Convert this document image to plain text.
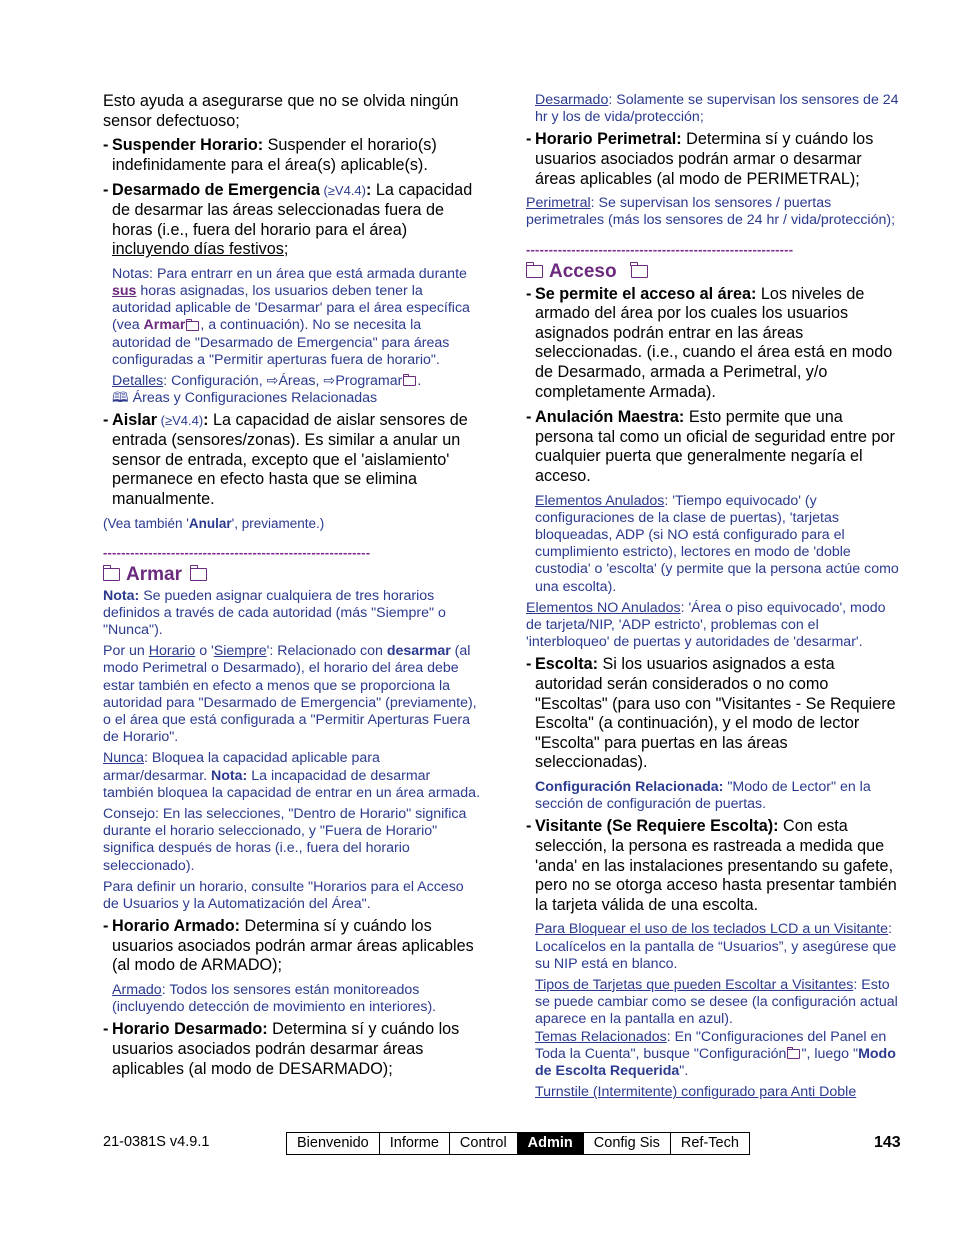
Esto ayuda a asegurarse que no se olvida ningún sensor defectuoso;

- Suspender Horario: Suspender el horario(s) indefinidamente para el área(s) aplicable(s).
- Desarmado de Emergencia (≥V4.4): La capacidad de desarmar las áreas seleccionadas fuera de horas (i.e., fuera del horario para el área) incluyendo días festivos;

Notas: Para entrarr en un área que está armada durante sus horas asignadas, los usuarios deben tener la autoridad aplicable de 'Desarmar' para el área específica (vea Armar , a continuación). No se necesita la autoridad de "Desarmado de Emergencia" para áreas configuradas a "Permitir aperturas fuera de horario".

Detalles: Configuración, ⇨Áreas, ⇨Programar .

🕮 Áreas y Configuraciones Relacionadas

- Aislar (≥V4.4): La capacidad de aislar sensores de entrada (sensores/zonas). Es similar a anular un sensor de entrada, excepto que el 'aislamiento' permanece en efecto hasta que se elimina manualmente.

(Vea también 'Anular', previamente.)

-----------------------------------------------------------
Armar

Nota: Se pueden asignar cualquiera de tres horarios definidos a través de cada autoridad (más "Siempre" o "Nunca").

Por un Horario o 'Siempre': Relacionado con desarmar (al modo Perimetral o Desarmado), el horario del área debe estar también en efecto a menos que se proporciona la autoridad para "Desarmado de Emergencia" (previamente), o el área que está configurada a "Permitir Aperturas Fuera de Horario".

Nunca: Bloquea la capacidad aplicable para armar/desarmar. Nota: La incapacidad de desarmar también bloquea la capacidad de entrar en un área armada.

Consejo: En las selecciones, "Dentro de Horario" significa durante el horario seleccionado, y "Fuera de Horario" significa después de horas (i.e., fuera del horario seleccionado).

Para definir un horario, consulte "Horarios para el Acceso de Usuarios y la Automatización del Área".

- Horario Armado: Determina sí y cuándo los usuarios asociados podrán armar áreas aplicables (al modo de ARMADO);

Armado: Todos los sensores están monitoreados (incluyendo detección de movimiento en interiores).

- Horario Desarmado: Determina sí y cuándo los usuarios asociados podrán desarmar áreas aplicables (al modo de DESARMADO);

Desarmado: Solamente se supervisan los sensores de 24 hr y los de vida/protección;

- Horario Perimetral: Determina sí y cuándo los usuarios asociados podrán armar o desarmar áreas aplicables (al modo de PERIMETRAL);

Perimetral: Se supervisan los sensores / puertas perimetrales (más los sensores de 24 hr / vida/protección);

-----------------------------------------------------------
Acceso
- Se permite el acceso al área: Los niveles de armado del área por los cuales los usuarios asignados podrán entrar en las áreas seleccionadas. (i.e., cuando el área está en modo de Desarmado, armada a Perimetral, y/o completamente Armada).
- Anulación Maestra: Esto permite que una persona tal como un oficial de seguridad entre por cualquier puerta que generalmente negaría el acceso.

Elementos Anulados: 'Tiempo equivocado' (y configuraciones de la clase de puertas), 'tarjetas bloqueadas, ADP (si NO está configurado para el cumplimiento estricto), lectores en modo de 'doble custodia' o 'escolta' (y permite que la persona actúe como una escolta).

Elementos NO Anulados: 'Área o piso equivocado', modo de tarjeta/NIP, 'ADP estricto', problemas con el 'interbloqueo' de puertas y autoridades de 'desarmar'.

- Escolta: Si los usuarios asignados a esta autoridad serán considerados o no como "Escoltas" (para uso con "Visitantes - Se Requiere Escolta" (a continuación), y el modo de lector "Escolta" para puertas en las áreas seleccionadas).

Configuración Relacionada: "Modo de Lector" en la sección de configuración de puertas.

- Visitante (Se Requiere Escolta): Con esta selección, la persona es rastreada a medida que 'anda' en las instalaciones presentando su gafete, pero no se otorga acceso hasta presentar también la tarjeta válida de una escolta.

Para Bloquear el uso de los teclados LCD a un Visitante: Localícelos en la pantalla de “Usuarios”, y asegúrese que su NIP está en blanco.

Tipos de Tarjetas que pueden Escoltar a Visitantes: Esto se puede cambiar como se desee (la configuración actual aparece en la pantalla en azul).

Temas Relacionados: En "Configuraciones del Panel en Toda la Cuenta", busque "Configuración ", luego "Modo de Escolta Requerida".

Turnstile (Intermitente) configurado para Anti Doble

21-0381S v4.9.1	Bienvenido	Informe	Control	Admin	Config Sis	Ref-Tech	143
